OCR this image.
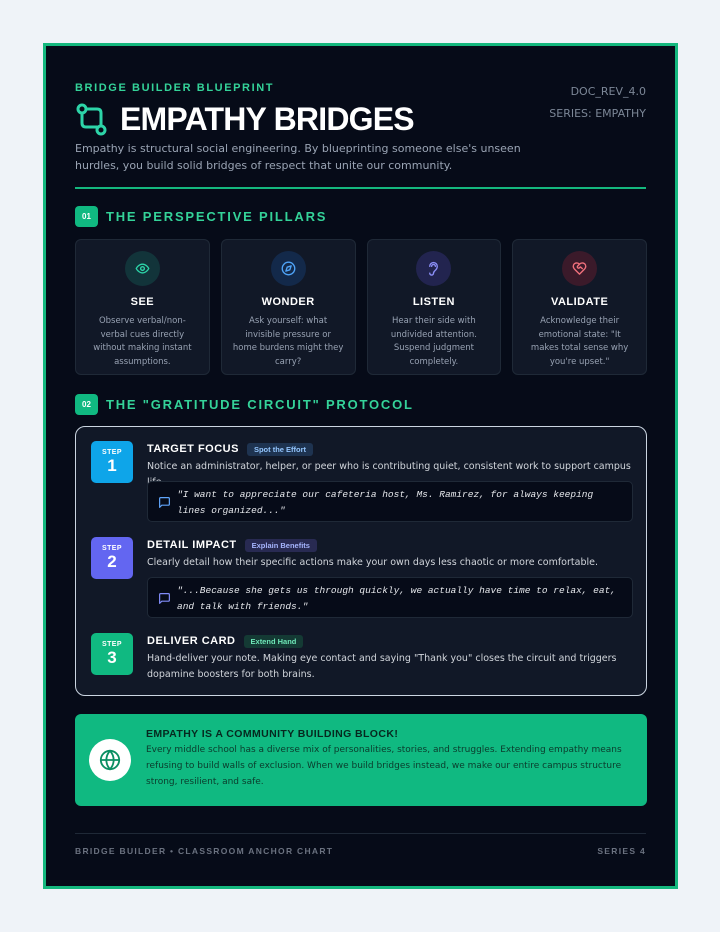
BRIDGE BUILDER BLUEPRINT	DOC_REV_4.0
SERIES: EMPATHY
EMPATHY BRIDGES
Empathy is structural social engineering. By blueprinting someone else's unseen hurdles, you build solid bridges of respect that unite our community.
01	THE PERSPECTIVE PILLARS
SEE
Observe verbal/non-verbal cues directly without making instant assumptions.
WONDER
Ask yourself: what invisible pressure or home burdens might they carry?
LISTEN
Hear their side with undivided attention. Suspend judgment completely.
VALIDATE
Acknowledge their emotional state: "It makes total sense why you're upset."
02	THE "GRATITUDE CIRCUIT" PROTOCOL
STEP
1
TARGET FOCUS	Spot the Effort
Notice an administrator, helper, or peer who is contributing quiet, consistent work to support campus
"I want to appreciate our cafeteria host, Ms. Ramirez, for always keeping lines organized..."
STEP
2
DETAIL IMPACT	Explain Benefits
Clearly detail how their specific actions make your own days less chaotic or more comfortable.
"...Because she gets us through quickly, we actually have time to relax, eat, and talk with friends."
STEP
3
DELIVER CARD	Extend Hand
Hand-deliver your note. Making eye contact and saying "Thank you" closes the circuit and triggers dopamine boosters for both brains.
EMPATHY IS A COMMUNITY BUILDING BLOCK!
Every middle school has a diverse mix of personalities, stories, and struggles. Extending empathy means refusing to build walls of exclusion. When we build bridges instead, we make our entire campus structure strong, resilient, and safe.
BRIDGE BUILDER • CLASSROOM ANCHOR CHART	SERIES 4
